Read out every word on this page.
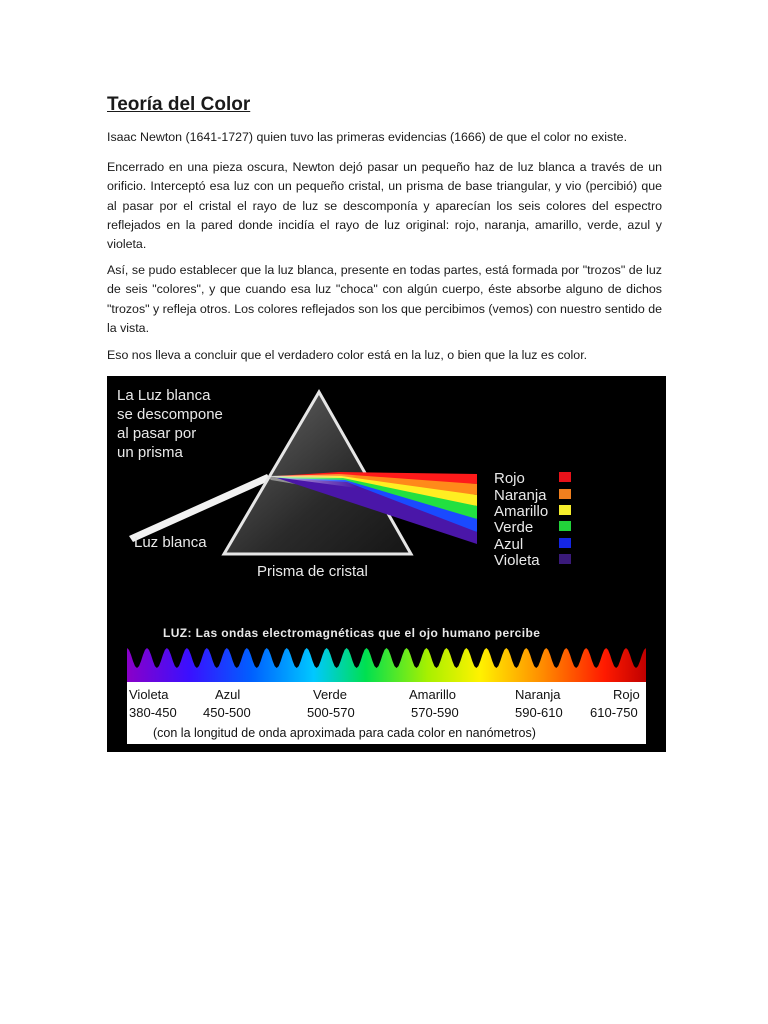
Teoría del Color

Isaac Newton (1641-1727) quien tuvo las primeras evidencias (1666) de que el color no existe.

Encerrado en una pieza oscura, Newton dejó pasar un pequeño haz de luz blanca a través de un orificio. Interceptó esa luz con un pequeño cristal, un prisma de base triangular, y vio (percibió) que al pasar por el cristal el rayo de luz se descomponía y aparecían los seis colores del espectro reflejados en la pared donde incidía el rayo de luz original: rojo, naranja, amarillo, verde, azul y violeta.

Así, se pudo establecer que la luz blanca, presente en todas partes, está formada por "trozos" de luz de seis "colores", y que cuando esa luz "choca" con algún cuerpo, éste absorbe alguno de dichos "trozos" y refleja otros. Los colores reflejados son los que percibimos (vemos) con nuestro sentido de la vista.

Eso nos lleva a concluir que el verdadero color está en la luz, o bien que la luz es color.

La Luz blanca
se descompone
al pasar por
un prisma
Luz blanca
Prisma de cristal
Rojo
Naranja
Amarillo
Verde
Azul
Violeta
LUZ: Las ondas electromagnéticas que el ojo humano percibe
Violeta
380-450
Azul
450-500
Verde
500-570
Amarillo
570-590
Naranja
590-610
Rojo
610-750
(con la longitud de onda aproximada para cada color en nanómetros)
